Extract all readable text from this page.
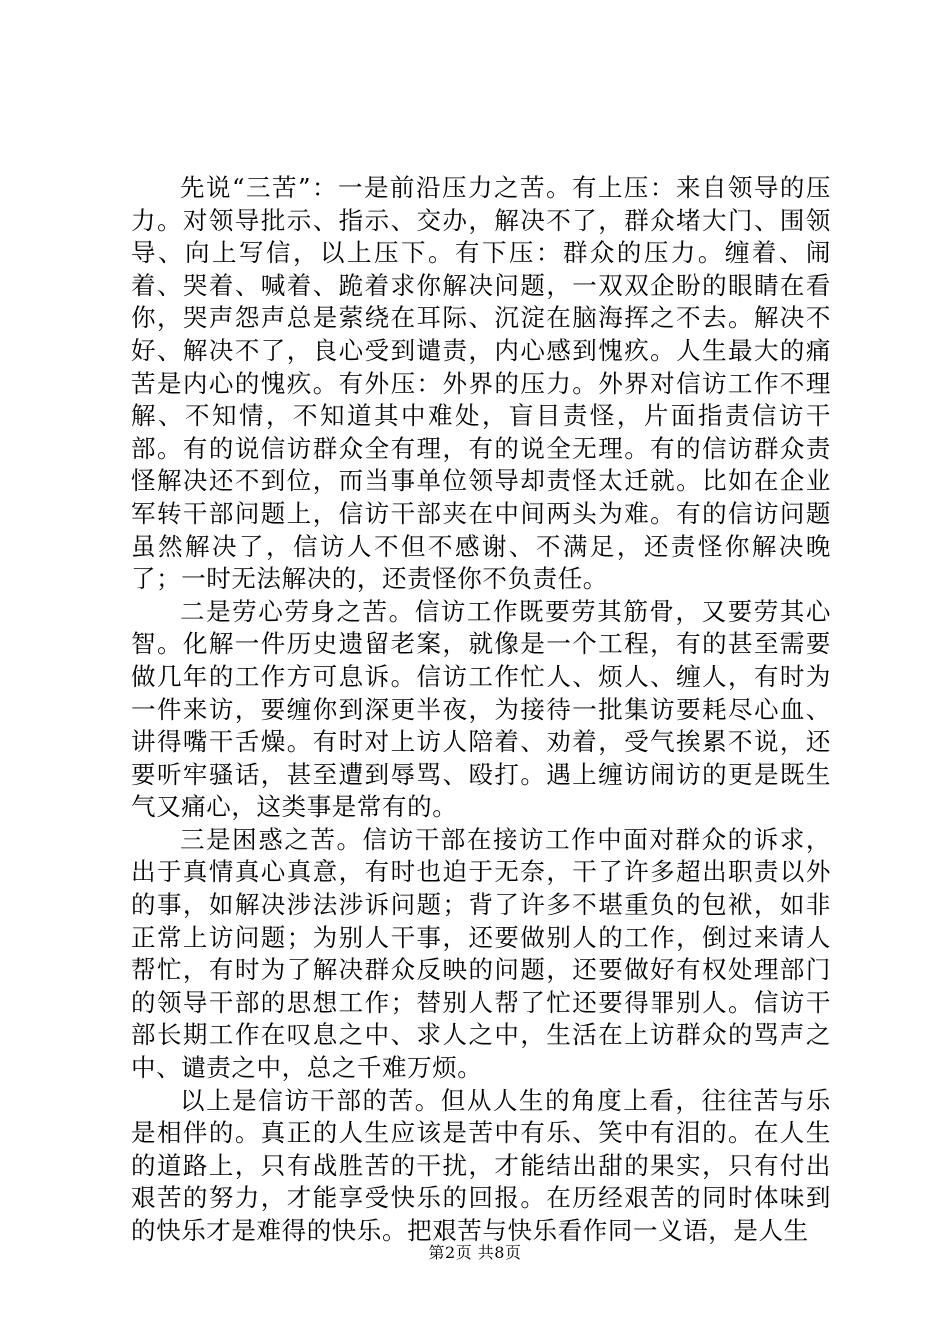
先说“三苦”：一是前沿压力之苦。有上压：来自领导的压力。对领导批示、指示、交办，解决不了，群众堵大门、围领导、向上写信，以上压下。有下压：群众的压力。缠着、闹着、哭着、喊着、跪着求你解决问题，一双双企盼的眼睛在看你，哭声怨声总是萦绕在耳际、沉淀在脑海挥之不去。解决不好、解决不了，良心受到谴责，内心感到愧疚。人生最大的痛苦是内心的愧疚。有外压：外界的压力。外界对信访工作不理解、不知情，不知道其中难处，盲目责怪，片面指责信访干部。有的说信访群众全有理，有的说全无理。有的信访群众责怪解决还不到位，而当事单位领导却责怪太迁就。比如在企业军转干部问题上，信访干部夹在中间两头为难。有的信访问题虽然解决了，信访人不但不感谢、不满足，还责怪你解决晚了；一时无法解决的，还责怪你不负责任。

二是劳心劳身之苦。信访工作既要劳其筋骨，又要劳其心智。化解一件历史遗留老案，就像是一个工程，有的甚至需要做几年的工作方可息诉。信访工作忙人、烦人、缠人，有时为一件来访，要缠你到深更半夜，为接待一批集访要耗尽心血、讲得嘴干舌燥。有时对上访人陪着、劝着，受气挨累不说，还要听牢骚话，甚至遭到辱骂、殴打。遇上缠访闹访的更是既生气又痛心，这类事是常有的。

三是困惑之苦。信访干部在接访工作中面对群众的诉求，出于真情真心真意，有时也迫于无奈，干了许多超出职责以外的事，如解决涉法涉诉问题；背了许多不堪重负的包袱，如非正常上访问题；为别人干事，还要做别人的工作，倒过来请人帮忙，有时为了解决群众反映的问题，还要做好有权处理部门的领导干部的思想工作；替别人帮了忙还要得罪别人。信访干部长期工作在叹息之中、求人之中，生活在上访群众的骂声之中、谴责之中，总之千难万烦。

以上是信访干部的苦。但从人生的角度上看，往往苦与乐是相伴的。真正的人生应该是苦中有乐、笑中有泪的。在人生的道路上，只有战胜苦的干扰，才能结出甜的果实，只有付出艰苦的努力，才能享受快乐的回报。在历经艰苦的同时体味到的快乐才是难得的快乐。把艰苦与快乐看作同一义语，是人生

第2页 共8页
